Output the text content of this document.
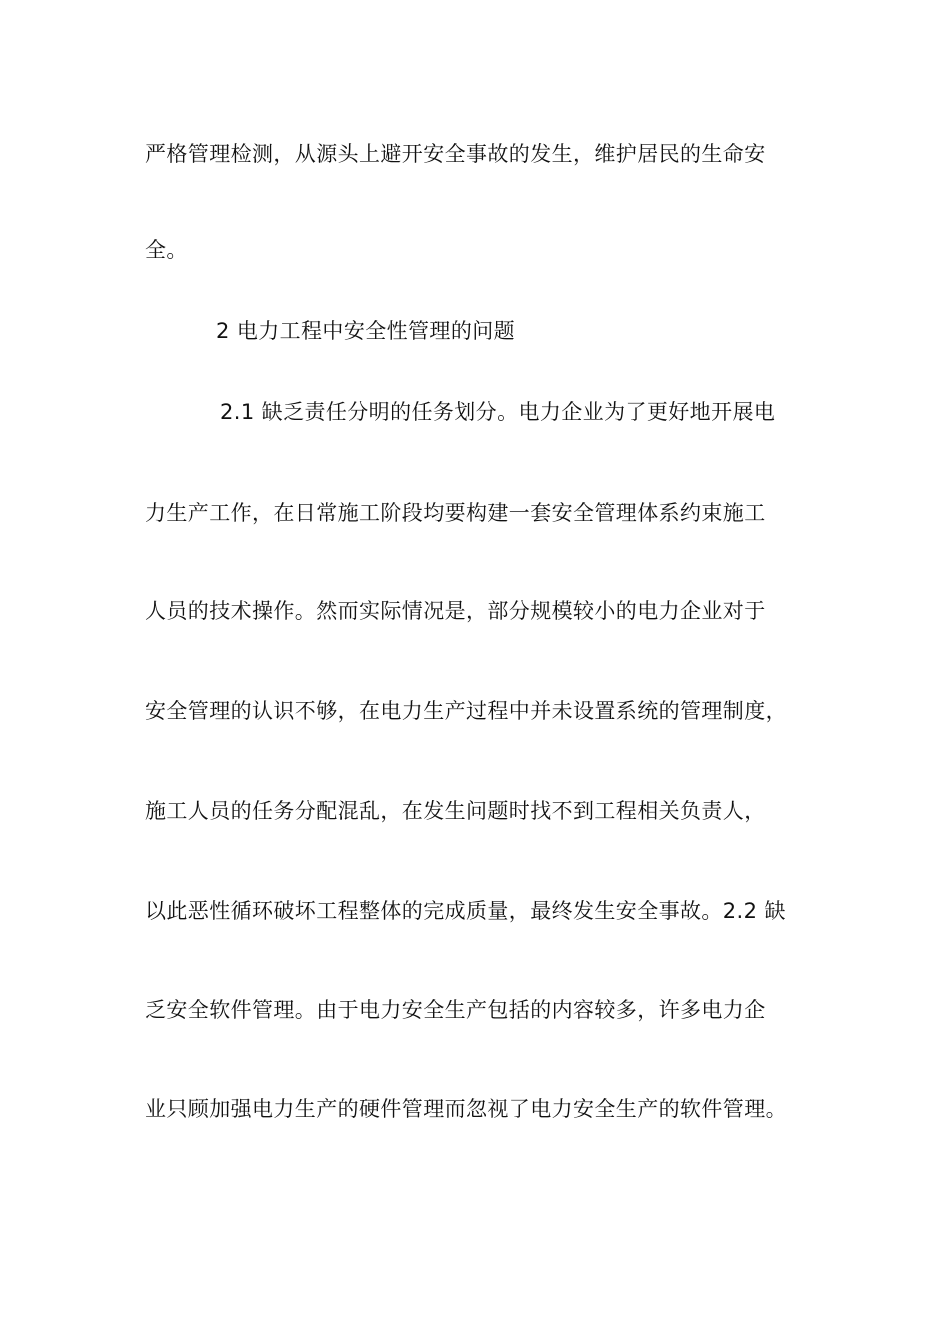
严格管理检测，从源头上避开安全事故的发生，维护居民的生命安
全。
2 电力工程中安全性管理的问题
2.1 缺乏责任分明的任务划分。电力企业为了更好地开展电
力生产工作，在日常施工阶段均要构建一套安全管理体系约束施工
人员的技术操作。然而实际情况是，部分规模较小的电力企业对于
安全管理的认识不够，在电力生产过程中并未设置系统的管理制度，
施工人员的任务分配混乱，在发生问题时找不到工程相关负责人，
以此恶性循环破坏工程整体的完成质量，最终发生安全事故。2.2 缺
乏安全软件管理。由于电力安全生产包括的内容较多，许多电力企
业只顾加强电力生产的硬件管理而忽视了电力安全生产的软件管理。
